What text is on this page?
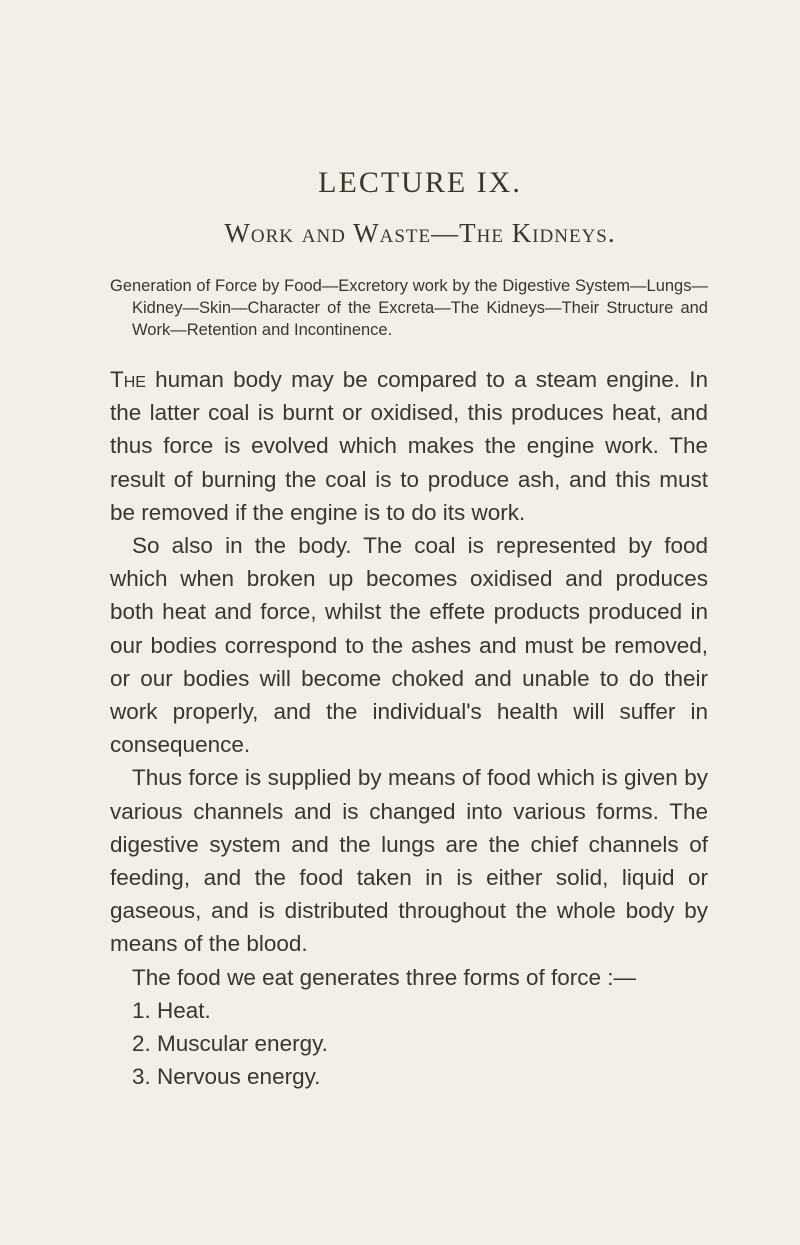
LECTURE IX.
Work and Waste—The Kidneys.

Generation of Force by Food—Excretory work by the Digestive System—Lungs—Kidney—Skin—Character of the Excreta—The Kidneys—Their Structure and Work—Retention and Incontinence.

The human body may be compared to a steam engine. In the latter coal is burnt or oxidised, this produces heat, and thus force is evolved which makes the engine work. The result of burning the coal is to produce ash, and this must be removed if the engine is to do its work.

So also in the body. The coal is represented by food which when broken up becomes oxidised and produces both heat and force, whilst the effete products produced in our bodies correspond to the ashes and must be removed, or our bodies will become choked and unable to do their work properly, and the individual's health will suffer in consequence.

Thus force is supplied by means of food which is given by various channels and is changed into various forms. The digestive system and the lungs are the chief channels of feeding, and the food taken in is either solid, liquid or gaseous, and is distributed throughout the whole body by means of the blood.

The food we eat generates three forms of force :—

1. Heat.
2. Muscular energy.
3. Nervous energy.
